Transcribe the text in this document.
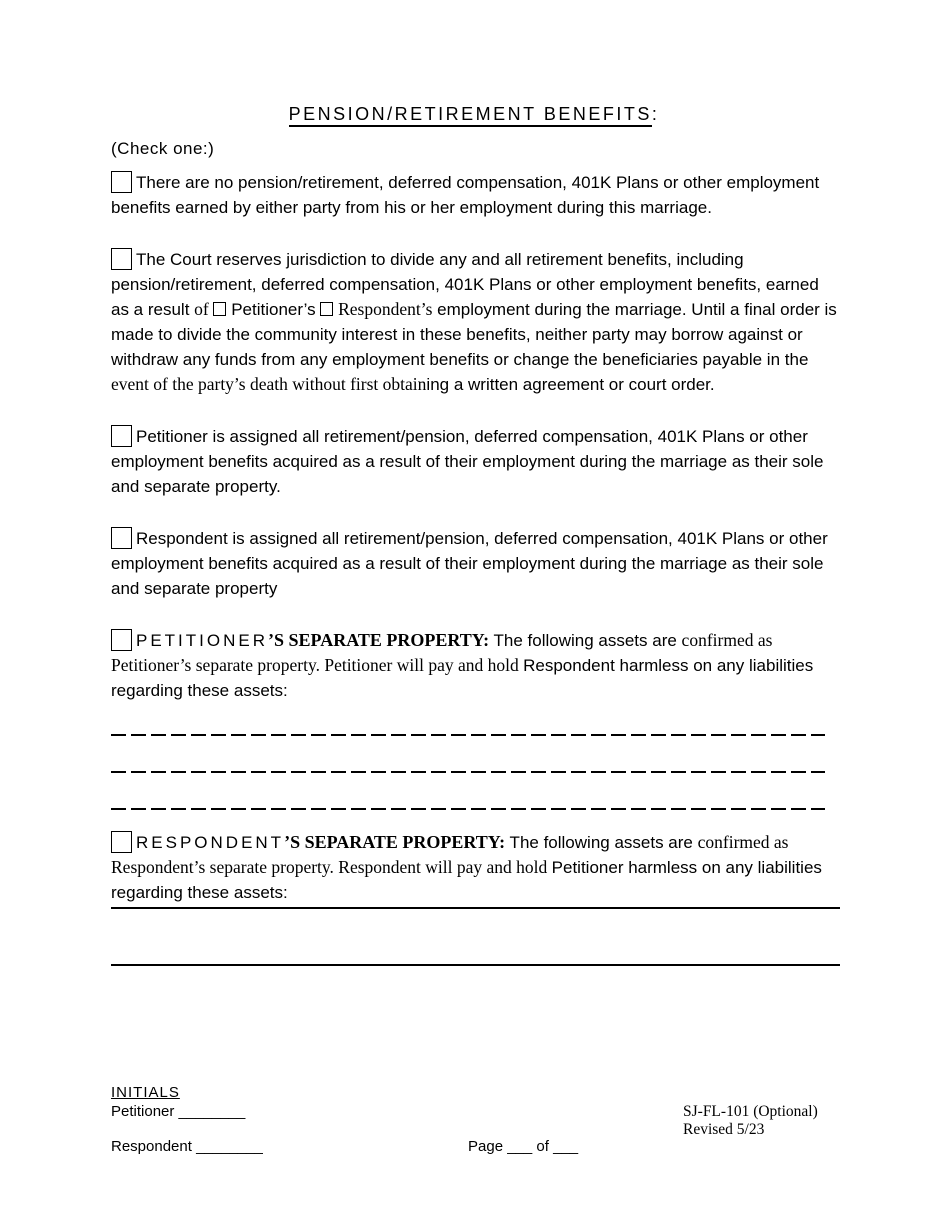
PENSION/RETIREMENT BENEFITS:
(Check one:)

There are no pension/retirement, deferred compensation, 401K Plans or other employment benefits earned by either party from his or her employment during this marriage.

The Court reserves jurisdiction to divide any and all retirement benefits, including pension/retirement, deferred compensation, 401K Plans or other employment benefits, earned as a result of Petitioner’s Respondent’s employment during the marriage. Until a final order is made to divide the community interest in these benefits, neither party may borrow against or withdraw any funds from any employment benefits or change the beneficiaries payable in the event of the party’s death without first obtaining a written agreement or court order.

Petitioner is assigned all retirement/pension, deferred compensation, 401K Plans or other employment benefits acquired as a result of their employment during the marriage as their sole and separate property.

Respondent is assigned all retirement/pension, deferred compensation, 401K Plans or other employment benefits acquired as a result of their employment during the marriage as their sole and separate property

PETITIONER’S SEPARATE PROPERTY: The following assets are confirmed as Petitioner’s separate property. Petitioner will pay and hold Respondent harmless on any liabilities regarding these assets:

RESPONDENT’S SEPARATE PROPERTY: The following assets are confirmed as Respondent’s separate property. Respondent will pay and hold Petitioner harmless on any liabilities regarding these assets:

INITIALS
Petitioner ________
Respondent ________	Page ___ of ___
SJ-FL-101 (Optional)
Revised 5/23
